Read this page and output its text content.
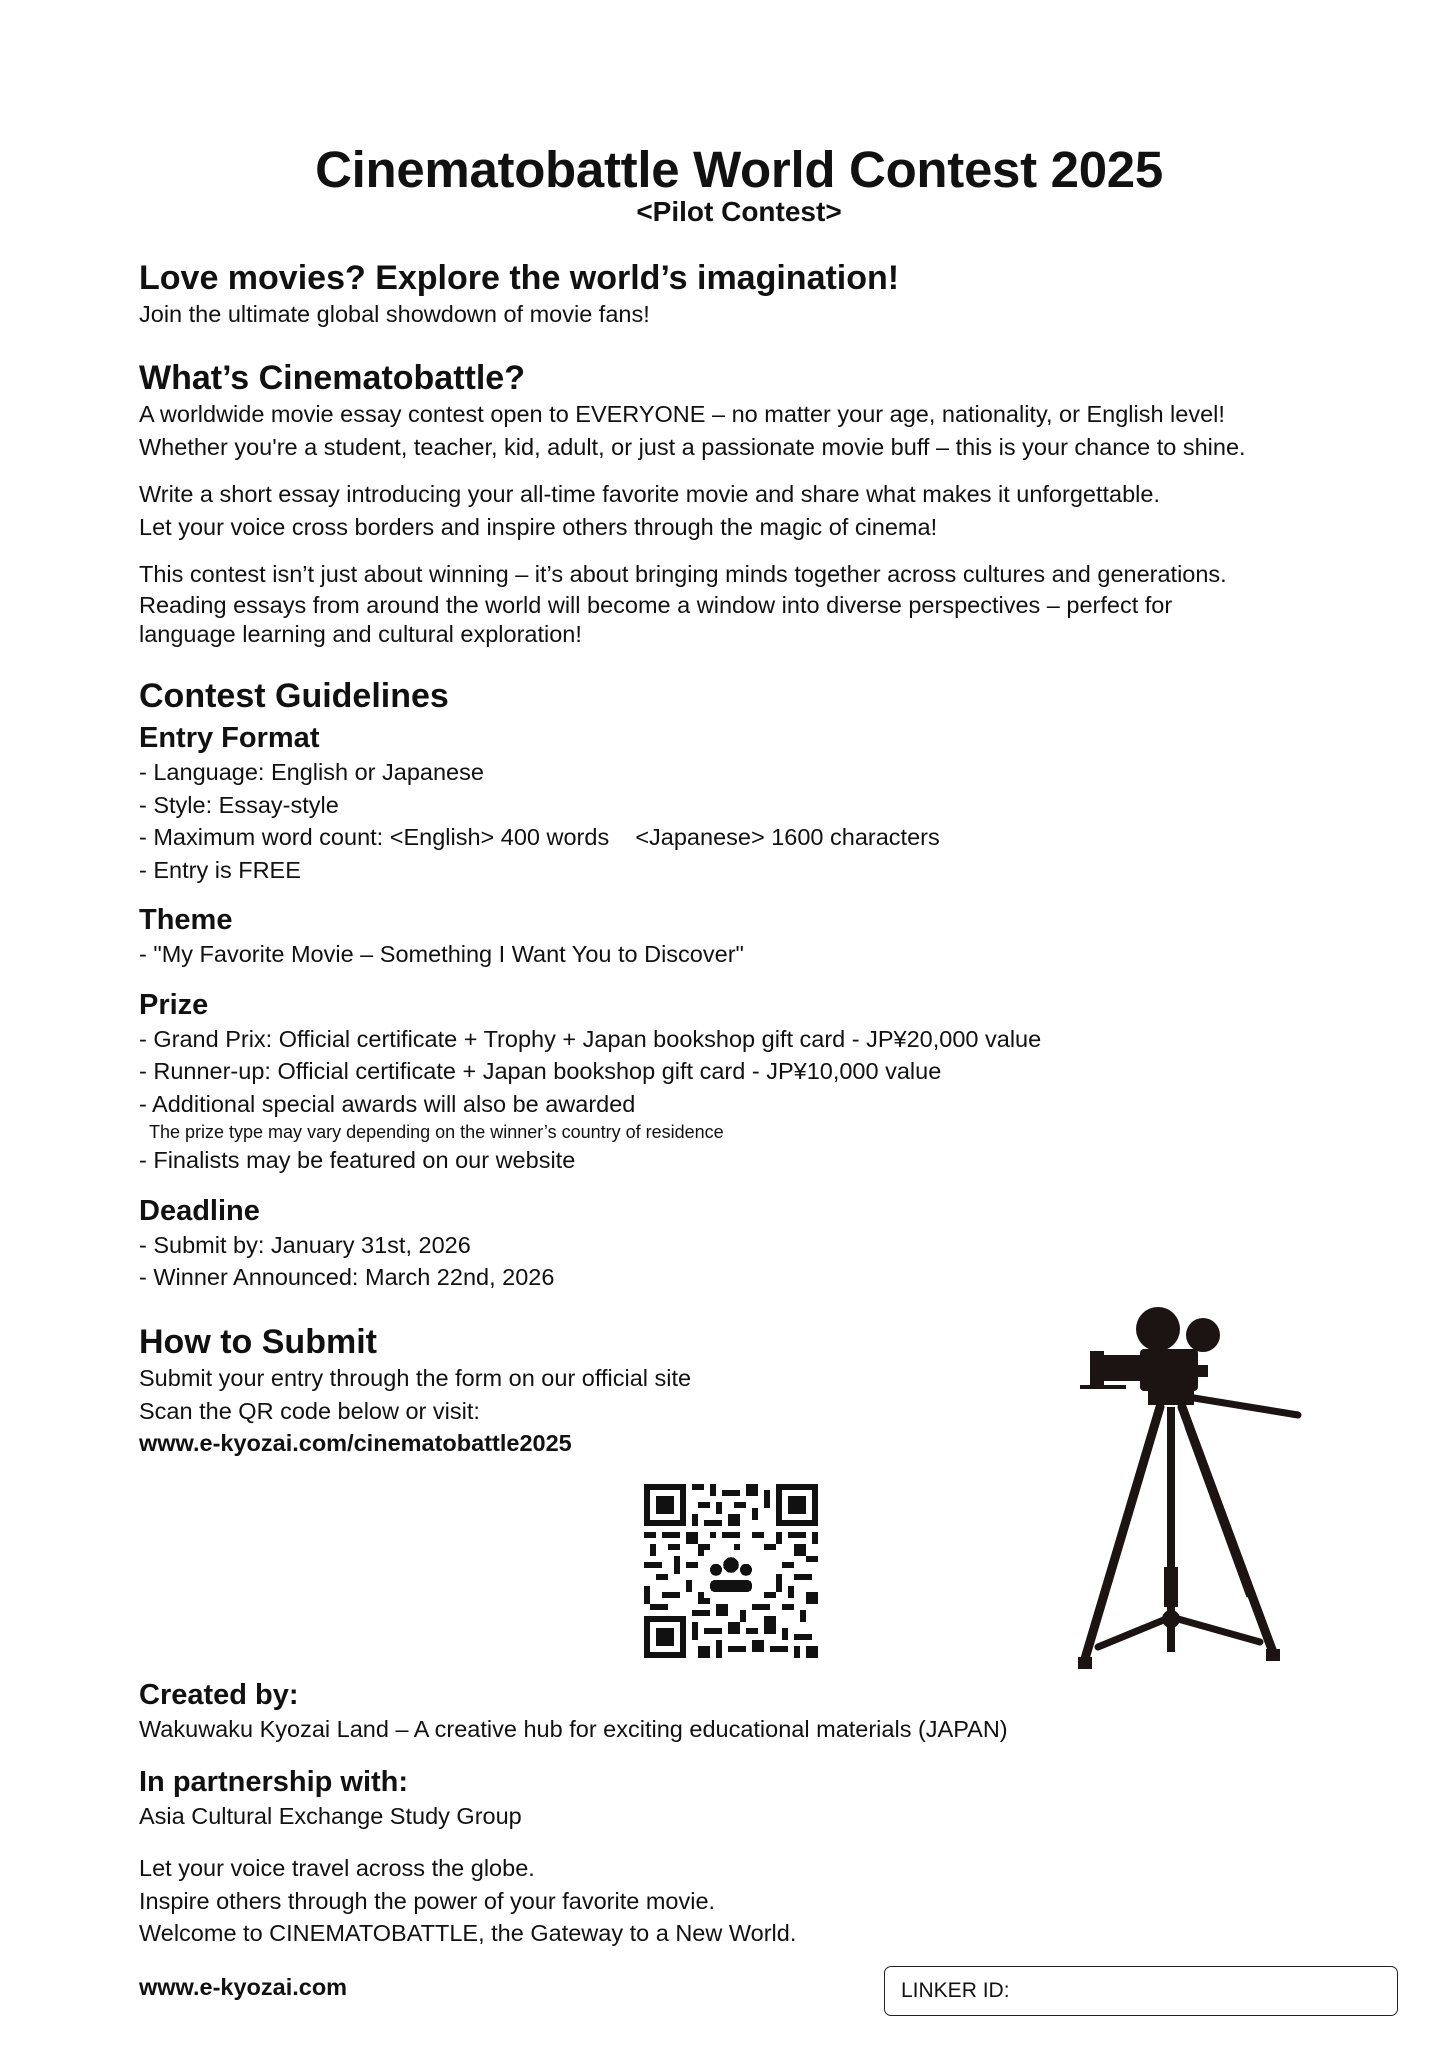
Cinematobattle World Contest 2025
<Pilot Contest>
Love movies? Explore the world’s imagination!

Join the ultimate global showdown of movie fans!

What’s Cinematobattle?

A worldwide movie essay contest open to EVERYONE – no matter your age, nationality, or English level!

Whether you're a student, teacher, kid, adult, or just a passionate movie buff – this is your chance to shine.

Write a short essay introducing your all-time favorite movie and share what makes it unforgettable.

Let your voice cross borders and inspire others through the magic of cinema!

This contest isn’t just about winning – it’s about bringing minds together across cultures and generations.

Reading essays from around the world will become a window into diverse perspectives – perfect for

language learning and cultural exploration!

Contest Guidelines
Entry Format

- Language: English or Japanese

- Style: Essay-style

- Maximum word count: <English> 400 words    <Japanese> 1600 characters

- Entry is FREE

Theme

- "My Favorite Movie – Something I Want You to Discover"

Prize

- Grand Prix: Official certificate + Trophy + Japan bookshop gift card - JP¥20,000 value

- Runner-up: Official certificate + Japan bookshop gift card - JP¥10,000 value

- Additional special awards will also be awarded

The prize type may vary depending on the winner’s country of residence

- Finalists may be featured on our website

Deadline

- Submit by: January 31st, 2026

- Winner Announced: March 22nd, 2026

How to Submit

Submit your entry through the form on our official site

Scan the QR code below or visit:

www.e-kyozai.com/cinematobattle2025

Created by:

Wakuwaku Kyozai Land – A creative hub for exciting educational materials (JAPAN)

In partnership with:

Asia Cultural Exchange Study Group

Let your voice travel across the globe.

Inspire others through the power of your favorite movie.

Welcome to CINEMATOBATTLE, the Gateway to a New World.

www.e-kyozai.com	LINKER ID:
